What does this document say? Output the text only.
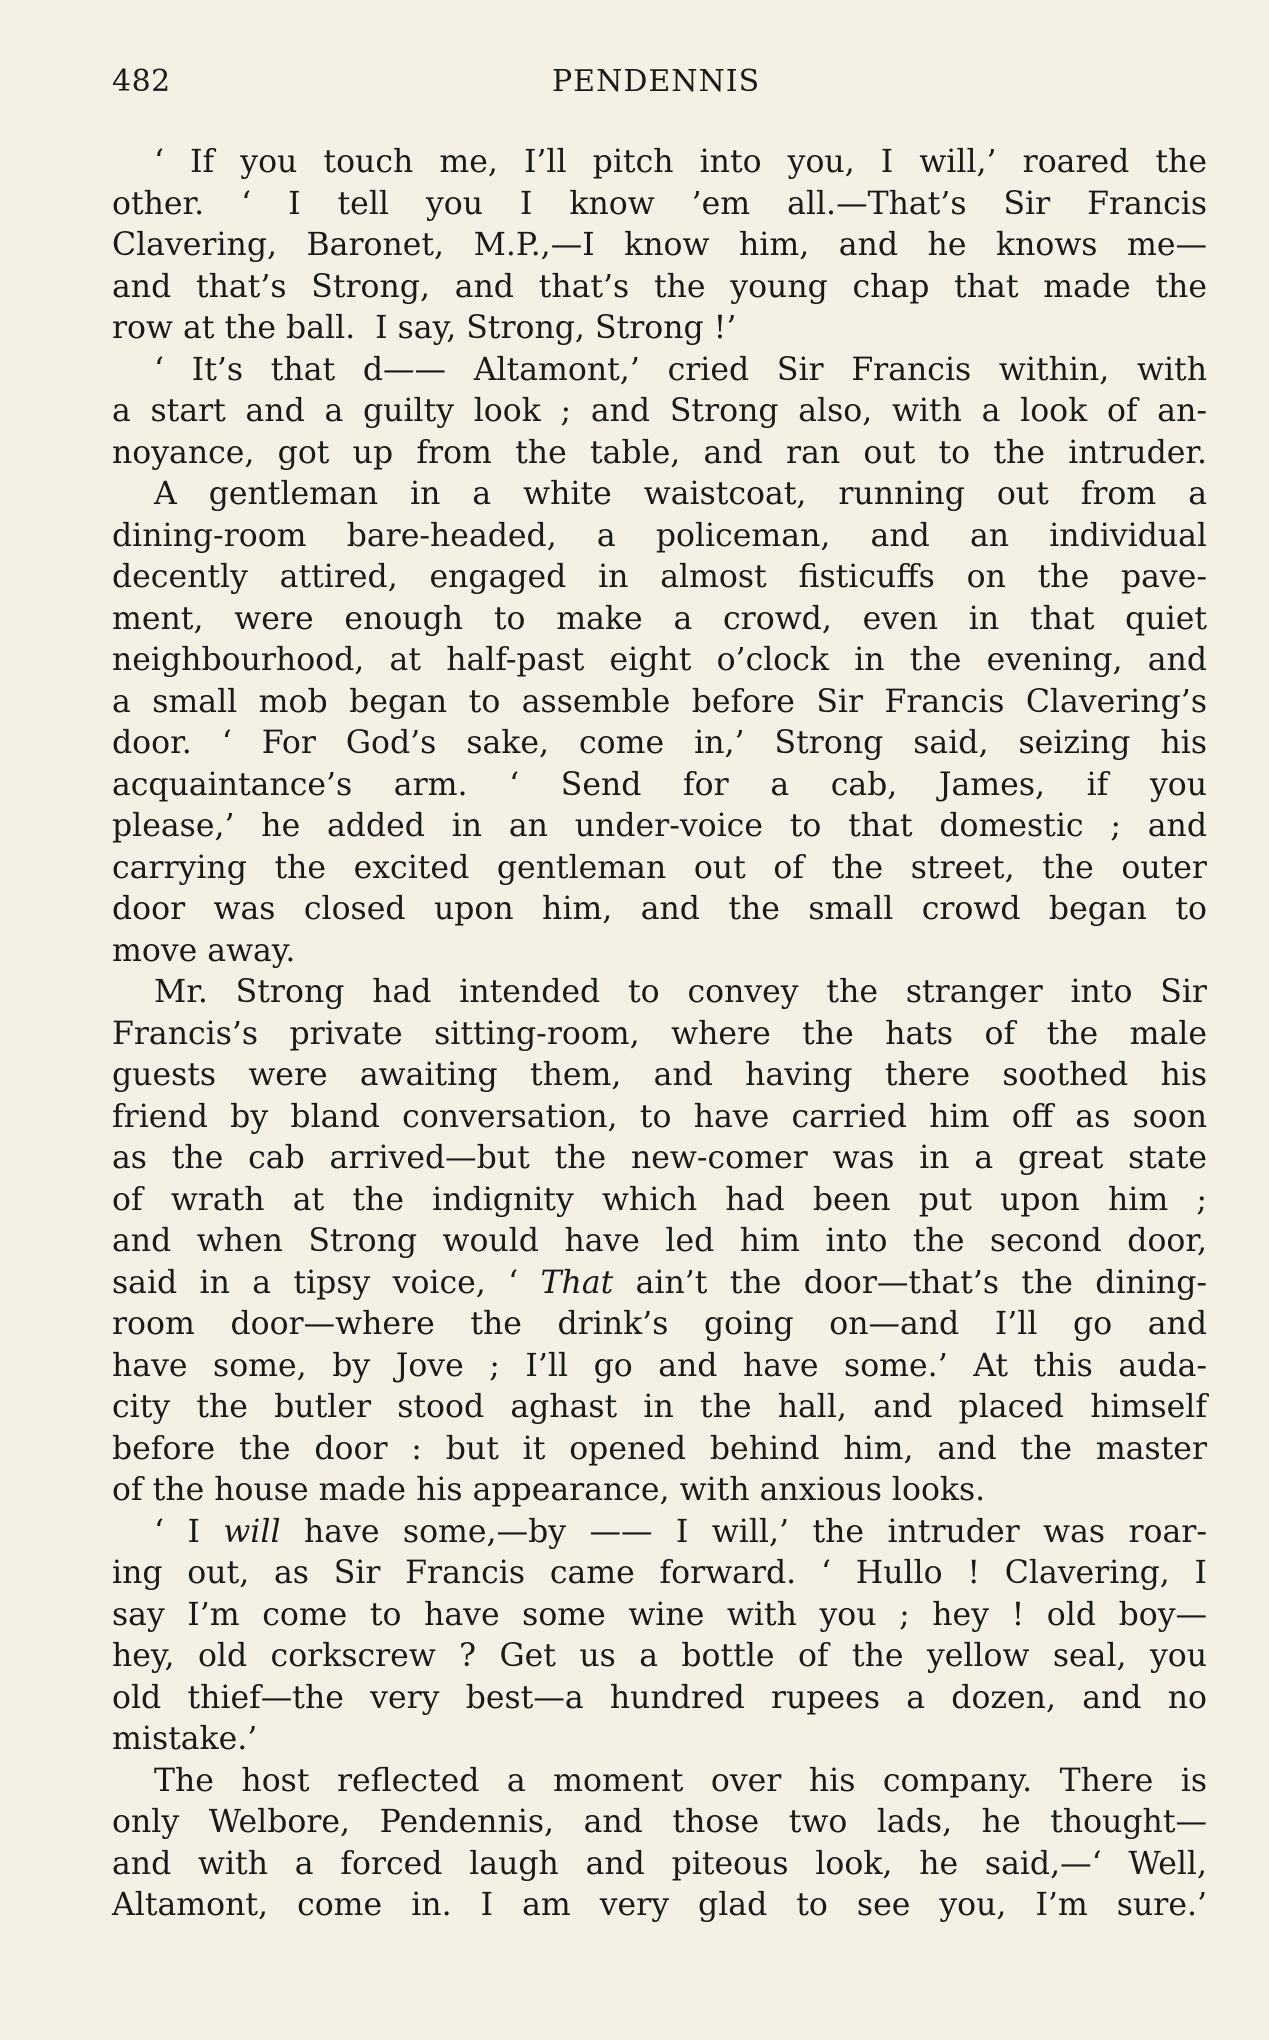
482	PENDENNIS
‘ If you touch me, I’ll pitch into you, I will,’ roared the
other. ‘ I tell you I know ’em all.—That’s Sir Francis
Clavering, Baronet, M.P.,—I know him, and he knows me—
and that’s Strong, and that’s the young chap that made the
row at the ball.  I say, Strong, Strong !’
‘ It’s that d—— Altamont,’ cried Sir Francis within, with
a start and a guilty look ; and Strong also, with a look of an-
noyance, got up from the table, and ran out to the intruder.
A gentleman in a white waistcoat, running out from a
dining-room bare-headed, a policeman, and an individual
decently attired, engaged in almost fisticuffs on the pave-
ment, were enough to make a crowd, even in that quiet
neighbourhood, at half-past eight o’clock in the evening, and
a small mob began to assemble before Sir Francis Clavering’s
door. ‘ For God’s sake, come in,’ Strong said, seizing his
acquaintance’s arm. ‘ Send for a cab, James, if you
please,’ he added in an under-voice to that domestic ; and
carrying the excited gentleman out of the street, the outer
door was closed upon him, and the small crowd began to
move away.
Mr. Strong had intended to convey the stranger into Sir
Francis’s private sitting-room, where the hats of the male
guests were awaiting them, and having there soothed his
friend by bland conversation, to have carried him off as soon
as the cab arrived—but the new-comer was in a great state
of wrath at the indignity which had been put upon him ;
and when Strong would have led him into the second door,
said in a tipsy voice, ‘ That ain’t the door—that’s the dining-
room door—where the drink’s going on—and I’ll go and
have some, by Jove ; I’ll go and have some.’ At this auda-
city the butler stood aghast in the hall, and placed himself
before the door : but it opened behind him, and the master
of the house made his appearance, with anxious looks.
‘ I will have some,—by —— I will,’ the intruder was roar-
ing out, as Sir Francis came forward. ‘ Hullo ! Clavering, I
say I’m come to have some wine with you ; hey ! old boy—
hey, old corkscrew ? Get us a bottle of the yellow seal, you
old thief—the very best—a hundred rupees a dozen, and no
mistake.’
The host reflected a moment over his company. There is
only Welbore, Pendennis, and those two lads, he thought—
and with a forced laugh and piteous look, he said,—‘ Well,
Altamont, come in. I am very glad to see you, I’m sure.’
